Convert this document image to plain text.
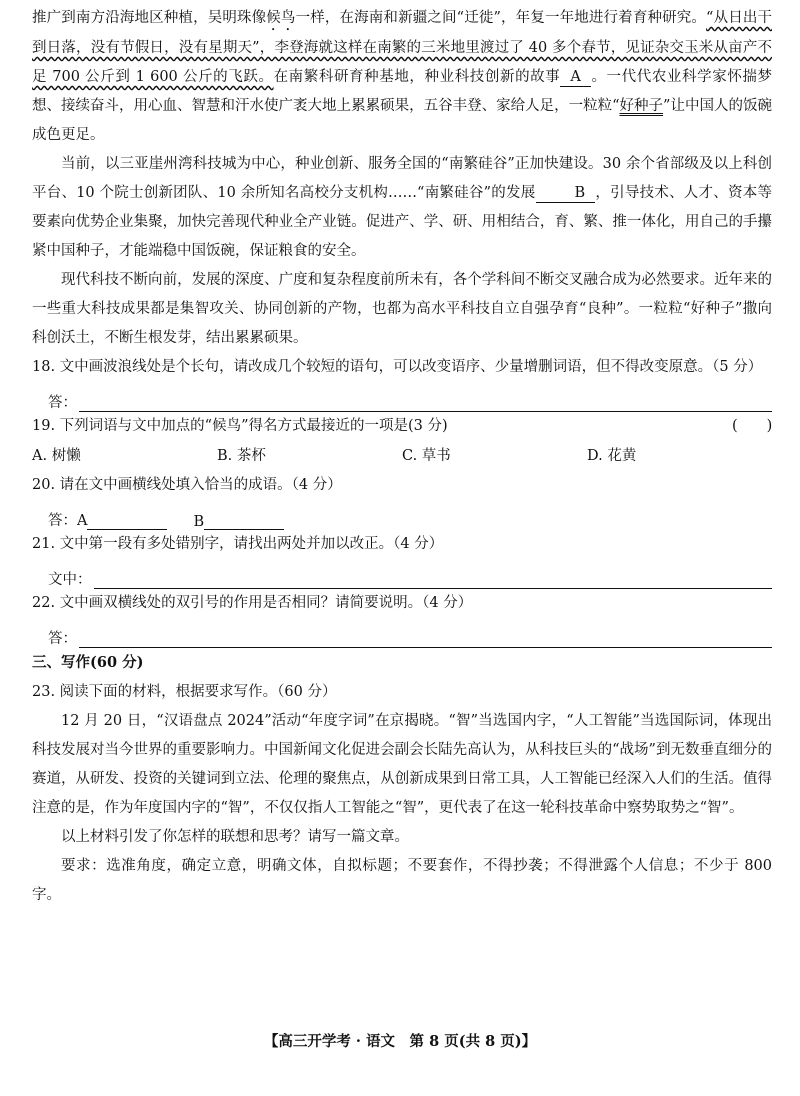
推广到南方沿海地区种植，吴明珠像候鸟一样，在海南和新疆之间“迁徙”，年复一年地进行着育种研究。“从日出干到日落，没有节假日，没有星期天”，李登海就这样在南繁的三米地里渡过了 40 多个春节，见证杂交玉米从亩产不足 700 公斤到 1 600 公斤的飞跃。在南繁科研育种基地，种业科技创新的故事 A 。一代代农业科学家怀揣梦想、接续奋斗，用心血、智慧和汗水使广袤大地上累累硕果，五谷丰登、家给人足，一粒粒“好种子”让中国人的饭碗成色更足。

当前，以三亚崖州湾科技城为中心，种业创新、服务全国的“南繁硅谷”正加快建设。30 余个省部级及以上科创平台、10 个院士创新团队、10 余所知名高校分支机构……“南繁硅谷”的发展	B ，引导技术、人才、资本等要素向优势企业集聚，加快完善现代种业全产业链。促进产、学、研、用相结合，育、繁、推一体化，用自己的手攥紧中国种子，才能端稳中国饭碗，保证粮食的安全。

现代科技不断向前，发展的深度、广度和复杂程度前所未有，各个学科间不断交叉融合成为必然要求。近年来的一些重大科技成果都是集智攻关、协同创新的产物，也都为高水平科技自立自强孕育“良种”。一粒粒“好种子”撒向科创沃土，不断生根发芽，结出累累硕果。

18. 文中画波浪线处是个长句，请改成几个较短的语句，可以改变语序、少量增删词语，但不得改变原意。（5 分）
答：
19. 下列词语与文中加点的“候鸟”得名方式最接近的一项是(3 分)	(　　)
A. 树懒	B. 茶杯	C. 草书	D. 花黄
20. 请在文中画横线处填入恰当的成语。（4 分）
答：A	B
21. 文中第一段有多处错别字，请找出两处并加以改正。（4 分）
文中：
22. 文中画双横线处的双引号的作用是否相同？请简要说明。（4 分）
答：
三、写作(60 分)
23. 阅读下面的材料，根据要求写作。（60 分）

12 月 20 日，“汉语盘点 2024”活动“年度字词”在京揭晓。“智”当选国内字，“人工智能”当选国际词，体现出科技发展对当今世界的重要影响力。中国新闻文化促进会副会长陆先高认为，从科技巨头的“战场”到无数垂直细分的赛道，从研发、投资的关键词到立法、伦理的聚焦点，从创新成果到日常工具，人工智能已经深入人们的生活。值得注意的是，作为年度国内字的“智”，不仅仅指人工智能之“智”，更代表了在这一轮科技革命中察势取势之“智”。

以上材料引发了你怎样的联想和思考？请写一篇文章。

要求：选准角度，确定立意，明确文体，自拟标题；不要套作，不得抄袭；不得泄露个人信息；不少于 800 字。

【高三开学考 · 语文　第 8 页(共 8 页)】
